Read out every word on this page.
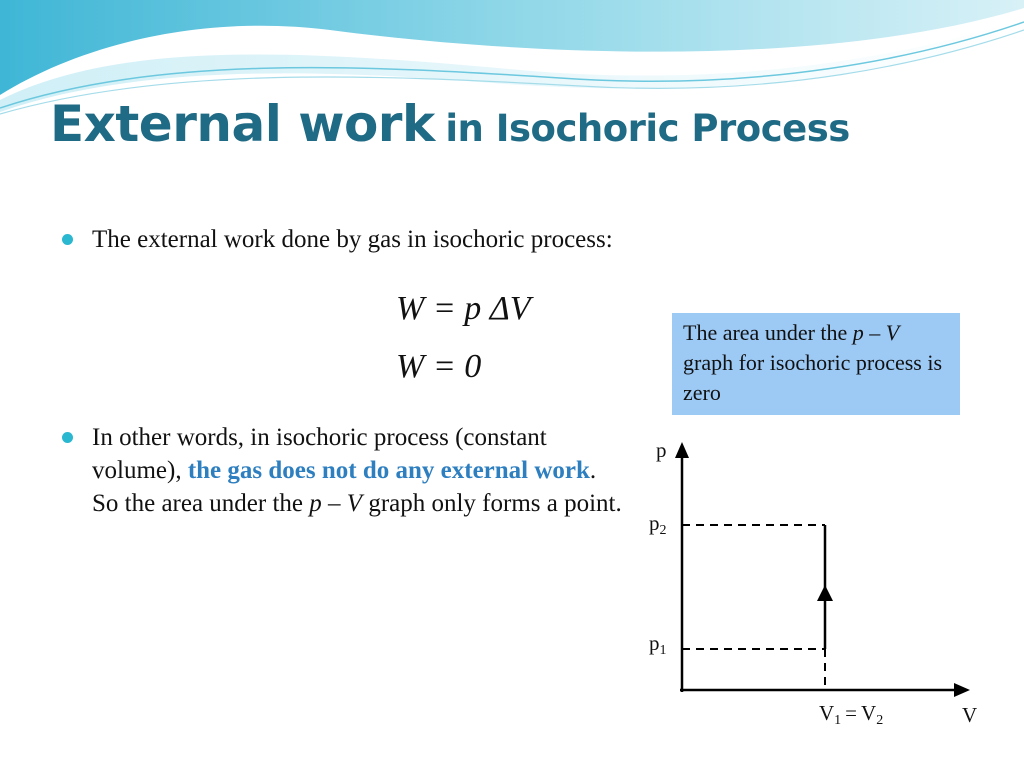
External work in Isochoric Process
The external work done by gas in isochoric process:
W = p ΔV
W = 0
In other words, in isochoric process (constant volume), the gas does not do any external work. So the area under the p – V graph only forms a point.
The area under the p – V graph for isochoric process is zero
p
V
p2
p1
V1 = V2
